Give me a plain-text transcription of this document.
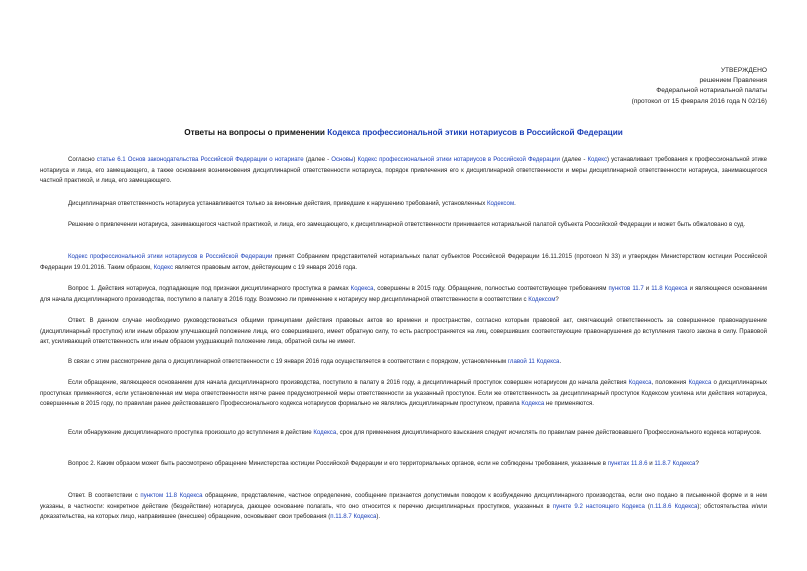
УТВЕРЖДЕНО
решением Правления
Федеральной нотариальной палаты
(протокол от 15 февраля 2016 года N 02/16)
Ответы на вопросы о применении Кодекса профессиональной этики нотариусов в Российской Федерации

Согласно статье 6.1 Основ законодательства Российской Федерации о нотариате (далее - Основы) Кодекс профессиональной этики нотариусов в Российской Федерации (далее - Кодекс) устанавливает требования к профессиональной этике нотариуса и лица, его замещающего, а также основания возникновения дисциплинарной ответственности нотариуса, порядок привлечения его к дисциплинарной ответственности и меры дисциплинарной ответственности нотариуса, занимающегося частной практикой, и лица, его замещающего.

Дисциплинарная ответственность нотариуса устанавливается только за виновные действия, приведшие к нарушению требований, установленных Кодексом.

Решение о привлечении нотариуса, занимающегося частной практикой, и лица, его замещающего, к дисциплинарной ответственности принимается нотариальной палатой субъекта Российской Федерации и может быть обжаловано в суд.

Кодекс профессиональной этики нотариусов в Российской Федерации принят Собранием представителей нотариальных палат субъектов Российской Федерации 16.11.2015 (протокол N 33) и утвержден Министерством юстиции Российской Федерации 19.01.2016. Таким образом, Кодекс является правовым актом, действующим с 19 января 2016 года.

Вопрос 1. Действия нотариуса, подпадающие под признаки дисциплинарного проступка в рамках Кодекса, совершены в 2015 году. Обращение, полностью соответствующее требованиям пунктов 11.7 и 11.8 Кодекса и являющееся основанием для начала дисциплинарного производства, поступило в палату в 2016 году. Возможно ли применение к нотариусу мер дисциплинарной ответственности в соответствии с Кодексом?

Ответ. В данном случае необходимо руководствоваться общими принципами действия правовых актов во времени и пространстве, согласно которым правовой акт, смягчающий ответственность за совершенное правонарушение (дисциплинарный проступок) или иным образом улучшающий положение лица, его совершившего, имеет обратную силу, то есть распространяется на лиц, совершивших соответствующие правонарушения до вступления такого закона в силу. Правовой акт, усиливающий ответственность или иным образом ухудшающий положение лица, обратной силы не имеет.

В связи с этим рассмотрение дела о дисциплинарной ответственности с 19 января 2016 года осуществляется в соответствии с порядком, установленным главой 11 Кодекса.

Если обращение, являющееся основанием для начала дисциплинарного производства, поступило в палату в 2016 году, а дисциплинарный проступок совершен нотариусом до начала действия Кодекса, положения Кодекса о дисциплинарных проступках применяются, если установленная им мера ответственности мягче ранее предусмотренной меры ответственности за указанный проступок. Если же ответственность за дисциплинарный проступок Кодексом усилена или действия нотариуса, совершенные в 2015 году, по правилам ранее действовавшего Профессионального кодекса нотариусов формально не являлись дисциплинарным проступком, правила Кодекса не применяются.

Если обнаружение дисциплинарного проступка произошло до вступления в действие Кодекса, срок для применения дисциплинарного взыскания следует исчислять по правилам ранее действовавшего Профессионального кодекса нотариусов.

Вопрос 2. Каким образом может быть рассмотрено обращение Министерства юстиции Российской Федерации и его территориальных органов, если не соблюдены требования, указанные в пунктах 11.8.6 и 11.8.7 Кодекса?

Ответ. В соответствии с пунктом 11.8 Кодекса обращение, представление, частное определение, сообщение признается допустимым поводом к возбуждению дисциплинарного производства, если оно подано в письменной форме и в нем указаны, в частности: конкретное действие (бездействие) нотариуса, дающее основание полагать, что оно относится к перечню дисциплинарных проступков, указанных в пункте 9.2 настоящего Кодекса (п.11.8.6 Кодекса); обстоятельства и/или доказательства, на которых лицо, направившее (внесшее) обращение, основывает свои требования (п.11.8.7 Кодекса).
